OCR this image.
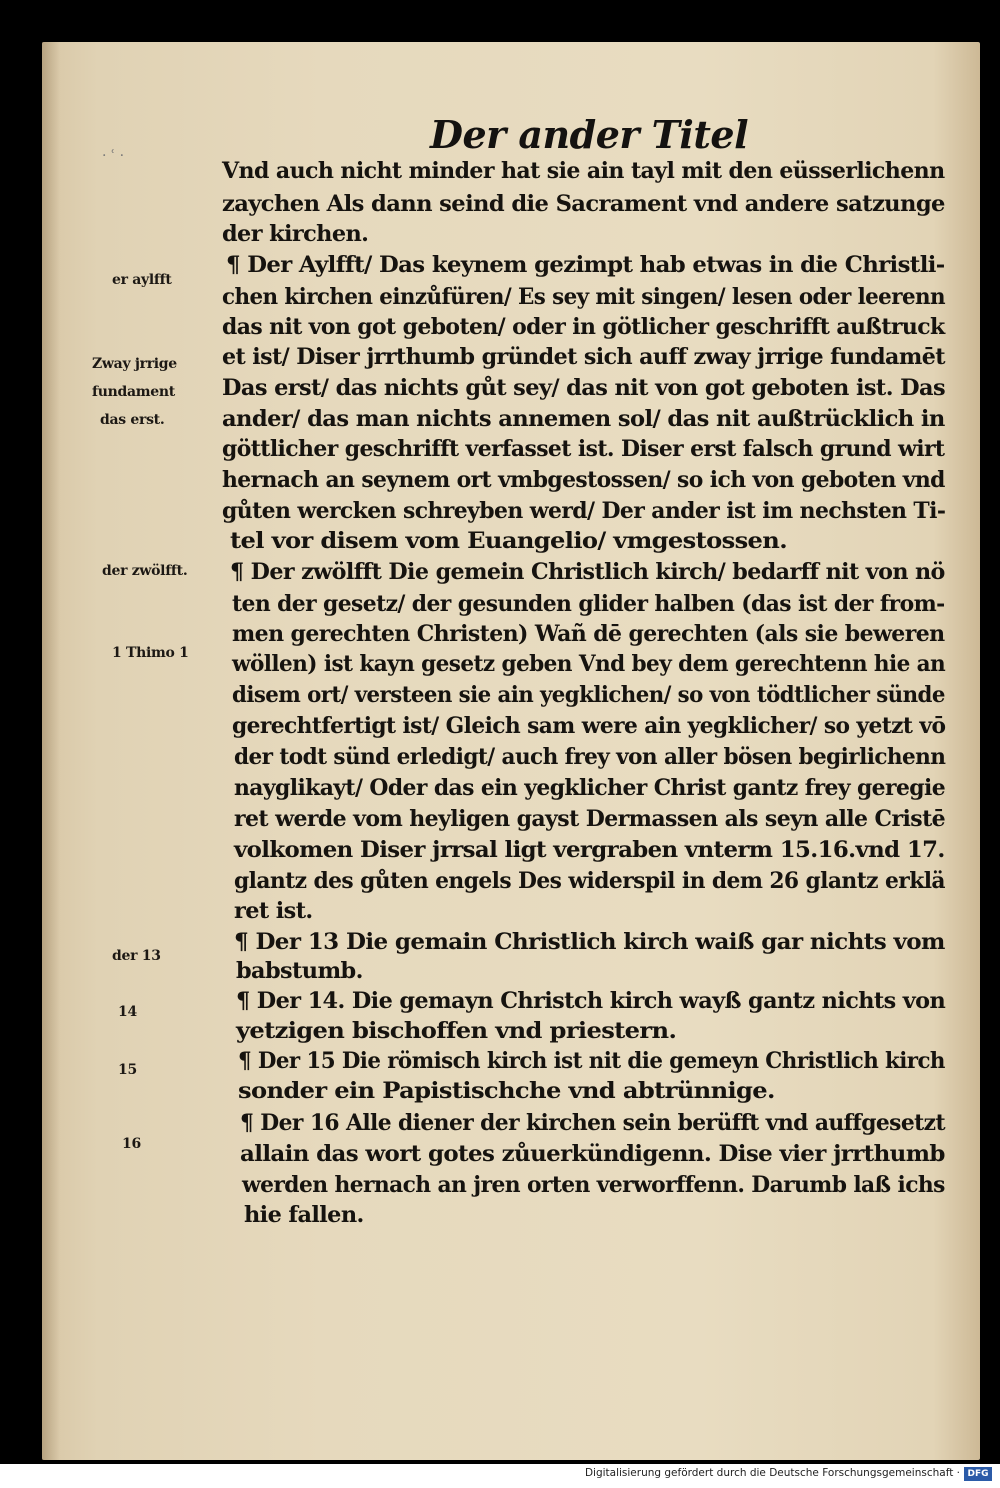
Der ander Titel
· ʿ ·
er aylfft
Zway jrrige
fundament
das erst.
der zwölfft.
1 Thimo 1
der 13
14
15
16
Vnd auch nicht minder hat sie ain tayl mit den eüsserlichenn
zaychen Als dann seind die Sacrament vnd andere satzunge
der kirchen.
¶ Der Aylfft/ Das keynem gezimpt hab etwas in die Christli-
chen kirchen einzůfüren/ Es sey mit singen/ lesen oder leerenn
das nit von got geboten/ oder in götlicher geschrifft außtruck
et ist/ Diser jrrthumb gründet sich auff zway jrrige fundamēt
Das erst/ das nichts gůt sey/ das nit von got geboten ist. Das
ander/ das man nichts annemen sol/ das nit außtrücklich in
göttlicher geschrifft verfasset ist. Diser erst falsch grund wirt
hernach an seynem ort vmbgestossen/ so ich von geboten vnd
gůten wercken schreyben werd/ Der ander ist im nechsten Ti-
tel vor disem vom Euangelio/ vmgestossen.
¶ Der zwölfft Die gemein Christlich kirch/ bedarff nit von nö
ten der gesetz/ der gesunden glider halben (das ist der from-
men gerechten Christen) Wañ dē gerechten (als sie beweren
wöllen) ist kayn gesetz geben Vnd bey dem gerechtenn hie an
disem ort/ versteen sie ain yegklichen/ so von tödtlicher sünde
gerechtfertigt ist/ Gleich sam were ain yegklicher/ so yetzt vō
der todt sünd erledigt/ auch frey von aller bösen begirlichenn
nayglikayt/ Oder das ein yegklicher Christ gantz frey geregie
ret werde vom heyligen gayst Dermassen als seyn alle Cristē
volkomen Diser jrrsal ligt vergraben vnterm 15.16.vnd 17.
glantz des gůten engels Des widerspil in dem 26 glantz erklä
ret ist.
¶ Der 13 Die gemain Christlich kirch waiß gar nichts vom
babstumb.
¶ Der 14. Die gemayn Christch kirch wayß gantz nichts von
yetzigen bischoffen vnd priestern.
¶ Der 15 Die römisch kirch ist nit die gemeyn Christlich kirch
sonder ein Papistischche vnd abtrünnige.
¶ Der 16 Alle diener der kirchen sein berüfft vnd auffgesetzt
allain das wort gotes zůuerkündigenn. Dise vier jrrthumb
werden hernach an jren orten verworffenn. Darumb laß ichs
hie fallen.
Digitalisierung gefördert durch die Deutsche Forschungsgemeinschaft · DFG
